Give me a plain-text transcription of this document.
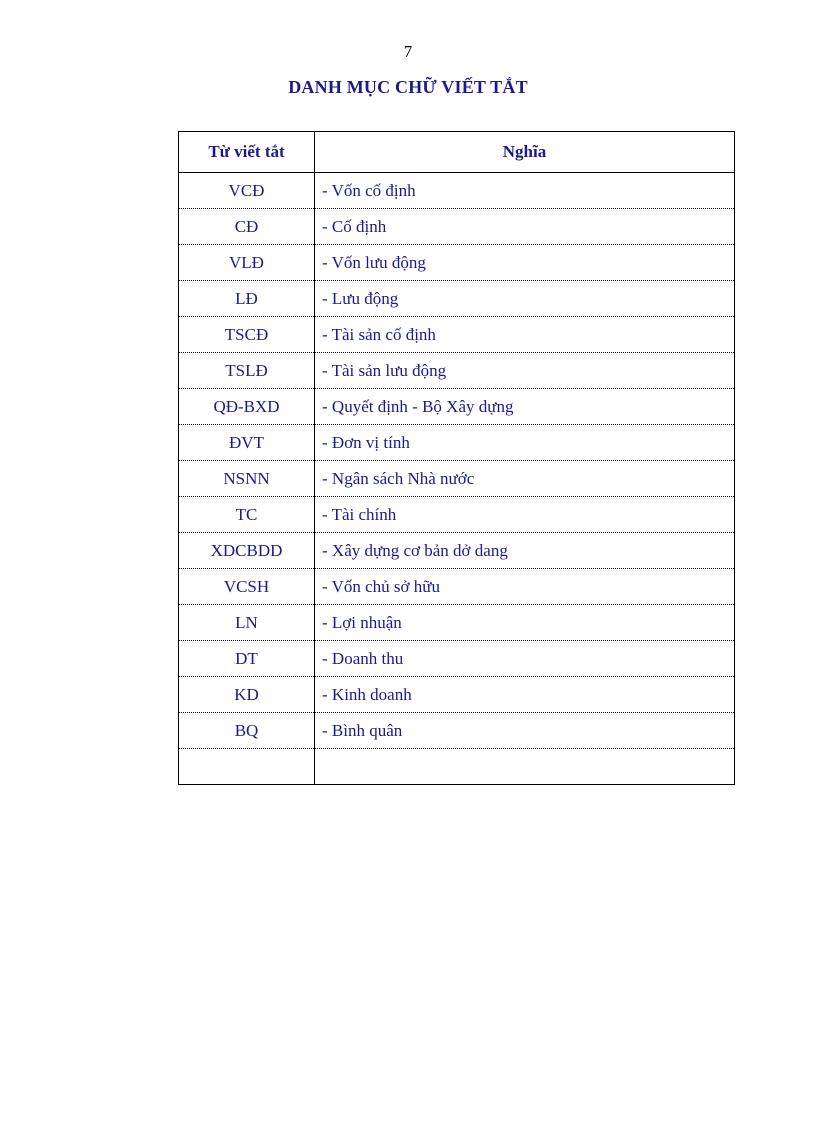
7
DANH MỤC CHỮ VIẾT TẮT
Từ viết tắt	Nghĩa
VCĐ	- Vốn cố định
CĐ	- Cố định
VLĐ	- Vốn lưu động
LĐ	- Lưu động
TSCĐ	- Tài sản cố định
TSLĐ	- Tài sản lưu động
QĐ-BXD	- Quyết định - Bộ Xây dựng
ĐVT	- Đơn vị tính
NSNN	- Ngân sách Nhà nước
TC	- Tài chính
XDCBDD	- Xây dựng cơ bản dở dang
VCSH	- Vốn chủ sở hữu
LN	- Lợi nhuận
DT	- Doanh thu
KD	- Kinh doanh
BQ	- Bình quân
